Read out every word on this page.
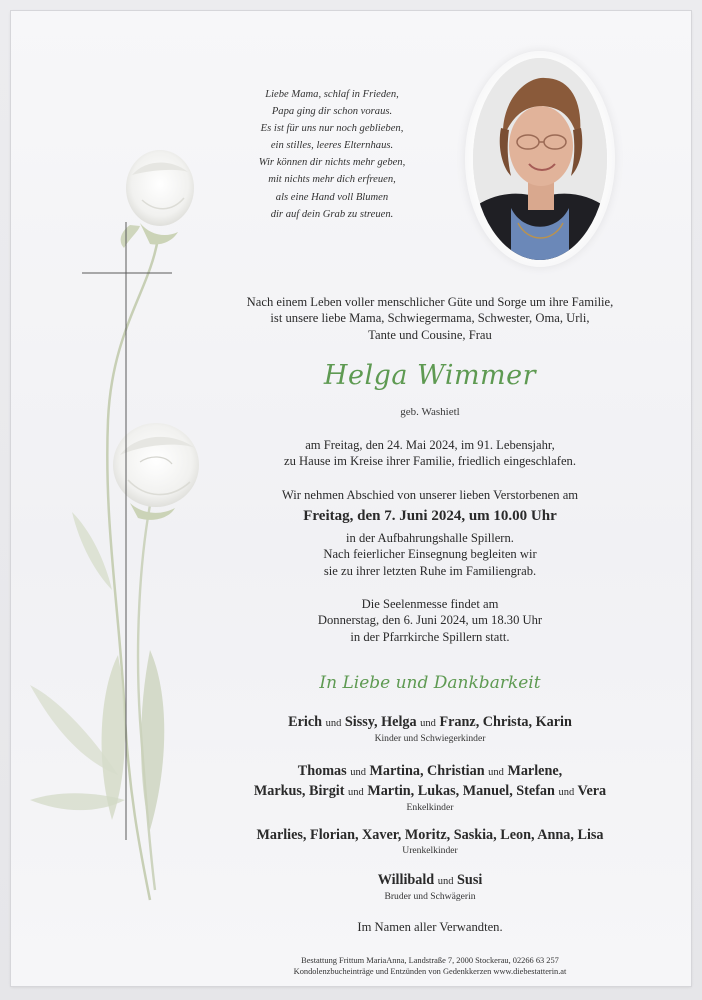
Liebe Mama, schlaf in Frieden,
Papa ging dir schon voraus.
Es ist für uns nur noch geblieben,
ein stilles, leeres Elternhaus.
Wir können dir nichts mehr geben,
mit nichts mehr dich erfreuen,
als eine Hand voll Blumen
dir auf dein Grab zu streuen.
Nach einem Leben voller menschlicher Güte und Sorge um ihre Familie,
ist unsere liebe Mama, Schwiegermama, Schwester, Oma, Urli,
Tante und Cousine, Frau
Helga Wimmer
geb. Washietl
am Freitag, den 24. Mai 2024, im 91. Lebensjahr,
zu Hause im Kreise ihrer Familie, friedlich eingeschlafen.
Wir nehmen Abschied von unserer lieben Verstorbenen am
Freitag, den 7. Juni 2024, um 10.00 Uhr
in der Aufbahrungshalle Spillern.
Nach feierlicher Einsegnung begleiten wir
sie zu ihrer letzten Ruhe im Familiengrab.
Die Seelenmesse findet am
Donnerstag, den 6. Juni 2024, um 18.30 Uhr
in der Pfarrkirche Spillern statt.
In Liebe und Dankbarkeit
Erich und Sissy, Helga und Franz, Christa, Karin
Kinder und Schwiegerkinder
Thomas und Martina, Christian und Marlene,
Markus, Birgit und Martin, Lukas, Manuel, Stefan und Vera
Enkelkinder
Marlies, Florian, Xaver, Moritz, Saskia, Leon, Anna, Lisa
Urenkelkinder
Willibald und Susi
Bruder und Schwägerin
Im Namen aller Verwandten.
Bestattung Frittum MariaAnna, Landstraße 7, 2000 Stockerau, 02266 63 257
Kondolenzbucheinträge und Entzünden von Gedenkkerzen www.diebestatterin.at
